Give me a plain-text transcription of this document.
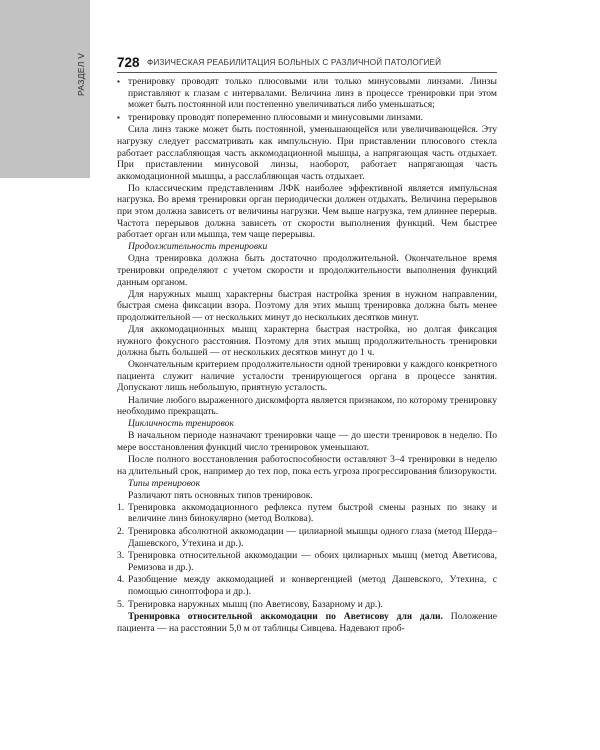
РАЗДЕЛ V 728 ФИЗИЧЕСКАЯ РЕАБИЛИТАЦИЯ БОЛЬНЫХ С РАЗЛИЧНОЙ ПАТОЛОГИЕЙ
▪ тренировку проводят только плюсовыми или только минусовыми линзами. Линзы приставляют к глазам с интервалами. Величина линз в процессе тренировки при этом может быть постоянной или постепенно увеличиваться либо уменьшаться;
▪ тренировку проводят попеременно плюсовыми и минусовыми линзами.

Сила линз также может быть постоянной, уменьшающейся или увеличивающейся. Эту нагрузку следует рассматривать как импульсную. При приставлении плюсового стекла работает расслабляющая часть аккомодационной мышцы, а напрягающая часть отдыхает. При приставлении минусовой линзы, наоборот, работает напрягающая часть аккомодационной мышцы, а расслабляющая часть отдыхает.

По классическим представлениям ЛФК наиболее эффективной является импульсная нагрузка. Во время тренировки орган периодически должен отдыхать. Величина перерывов при этом должна зависеть от величины нагрузки. Чем выше нагрузка, тем длиннее перерыв. Частота перерывов должна зависеть от скорости выполнения функций. Чем быстрее работает орган или мышца, тем чаще перерывы.

Продолжительность тренировки

Одна тренировка должна быть достаточно продолжительной. Окончательное время тренировки определяют с учетом скорости и продолжительности выполнения функций данным органом.

Для наружных мышц характерны быстрая настройка зрения в нужном направлении, быстрая смена фиксации взора. Поэтому для этих мышц тренировка должна быть менее продолжительной — от нескольких минут до нескольких десятков минут.

Для аккомодационных мышц характерна быстрая настройка, но долгая фиксация нужного фокусного расстояния. Поэтому для этих мышц продолжительность тренировки должна быть большей — от нескольких десятков минут до 1 ч.

Окончательным критерием продолжительности одной тренировки у каждого конкретного пациента служит наличие усталости тренирующегося органа в процессе занятия. Допускают лишь небольшую, приятную усталость.

Наличие любого выраженного дискомфорта является признаком, по которому тренировку необходимо прекращать.

Цикличность тренировок

В начальном периоде назначают тренировки чаще — до шести тренировок в неделю. По мере восстановления функций число тренировок уменьшают.

После полного восстановления работоспособности оставляют 3–4 тренировки в неделю на длительный срок, например до тех пор, пока есть угроза прогрессирования близорукости.

Типы тренировок

Различают пять основных типов тренировок.

1. Тренировка аккомодационного рефлекса путем быстрой смены разных по знаку и величине линз бинокулярно (метод Волкова).
2. Тренировка абсолютной аккомодации — цилиарной мышцы одного глаза (метод Шерда–Дашевского, Утехина и др.).
3. Тренировка относительной аккомодации — обоих цилиарных мышц (метод Аветисова, Ремизова и др.).
4. Разобщение между аккомодацией и конвергенцией (метод Дашевского, Утехина, с помощью синоптофора и др.).
5. Тренировка наружных мышц (по Аветисову, Базарному и др.).

Тренировка относительной аккомодации по Аветисову для дали. Положение пациента — на расстоянии 5,0 м от таблицы Сивцева. Надевают проб-
